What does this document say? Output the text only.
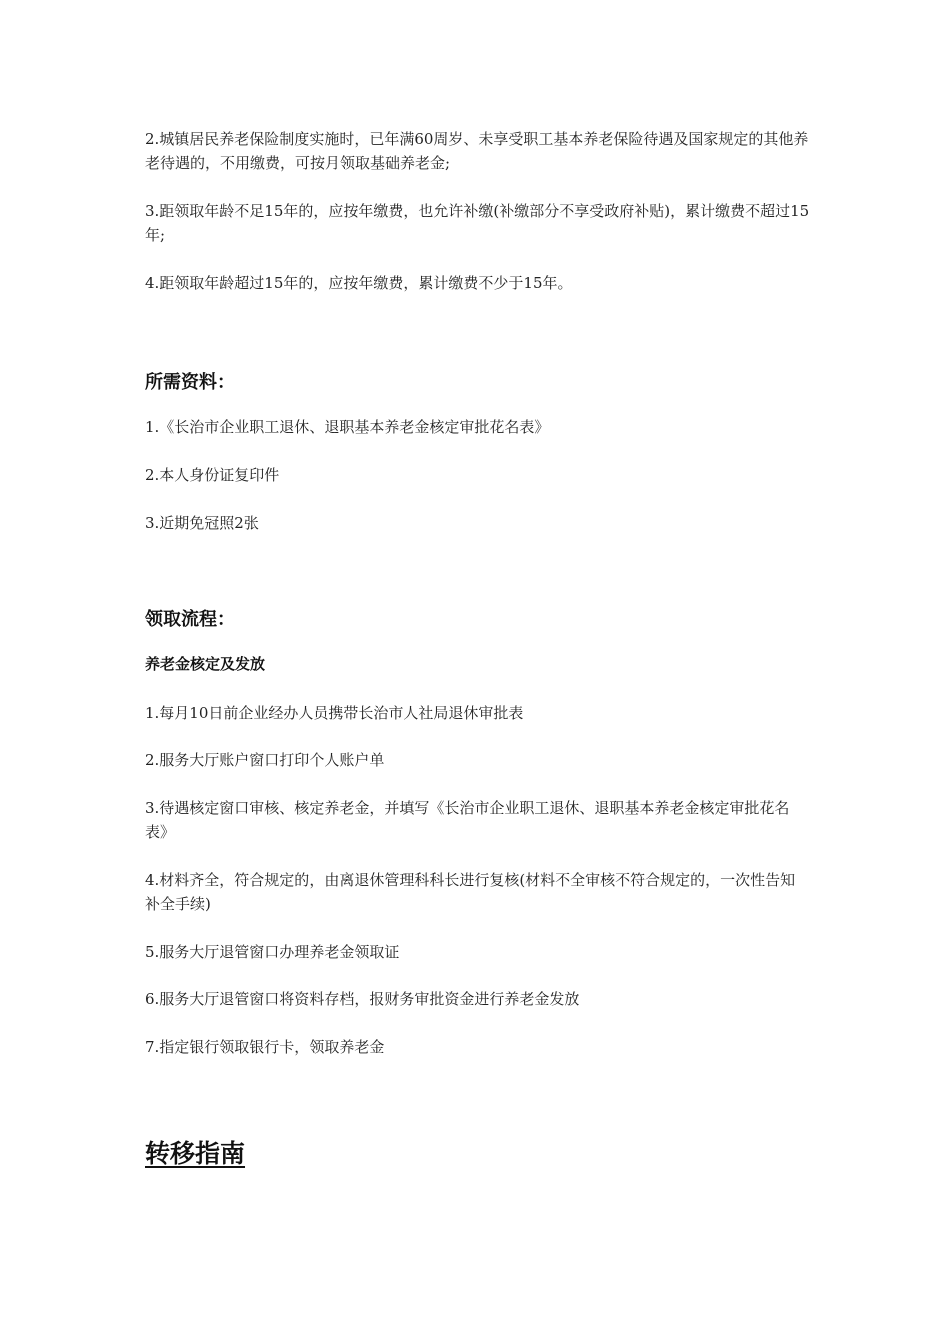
2.城镇居民养老保险制度实施时，已年满60周岁、未享受职工基本养老保险待遇及国家规定的其他养老待遇的，不用缴费，可按月领取基础养老金;

3.距领取年龄不足15年的，应按年缴费，也允许补缴(补缴部分不享受政府补贴)，累计缴费不超过15年;

4.距领取年龄超过15年的，应按年缴费，累计缴费不少于15年。

所需资料：

1.《长治市企业职工退休、退职基本养老金核定审批花名表》

2.本人身份证复印件

3.近期免冠照2张

领取流程：
养老金核定及发放

1.每月10日前企业经办人员携带长治市人社局退休审批表

2.服务大厅账户窗口打印个人账户单

3.待遇核定窗口审核、核定养老金，并填写《长治市企业职工退休、退职基本养老金核定审批花名表》

4.材料齐全，符合规定的，由离退休管理科科长进行复核(材料不全审核不符合规定的，一次性告知补全手续)

5.服务大厅退管窗口办理养老金领取证

6.服务大厅退管窗口将资料存档，报财务审批资金进行养老金发放

7.指定银行领取银行卡，领取养老金

转移指南
